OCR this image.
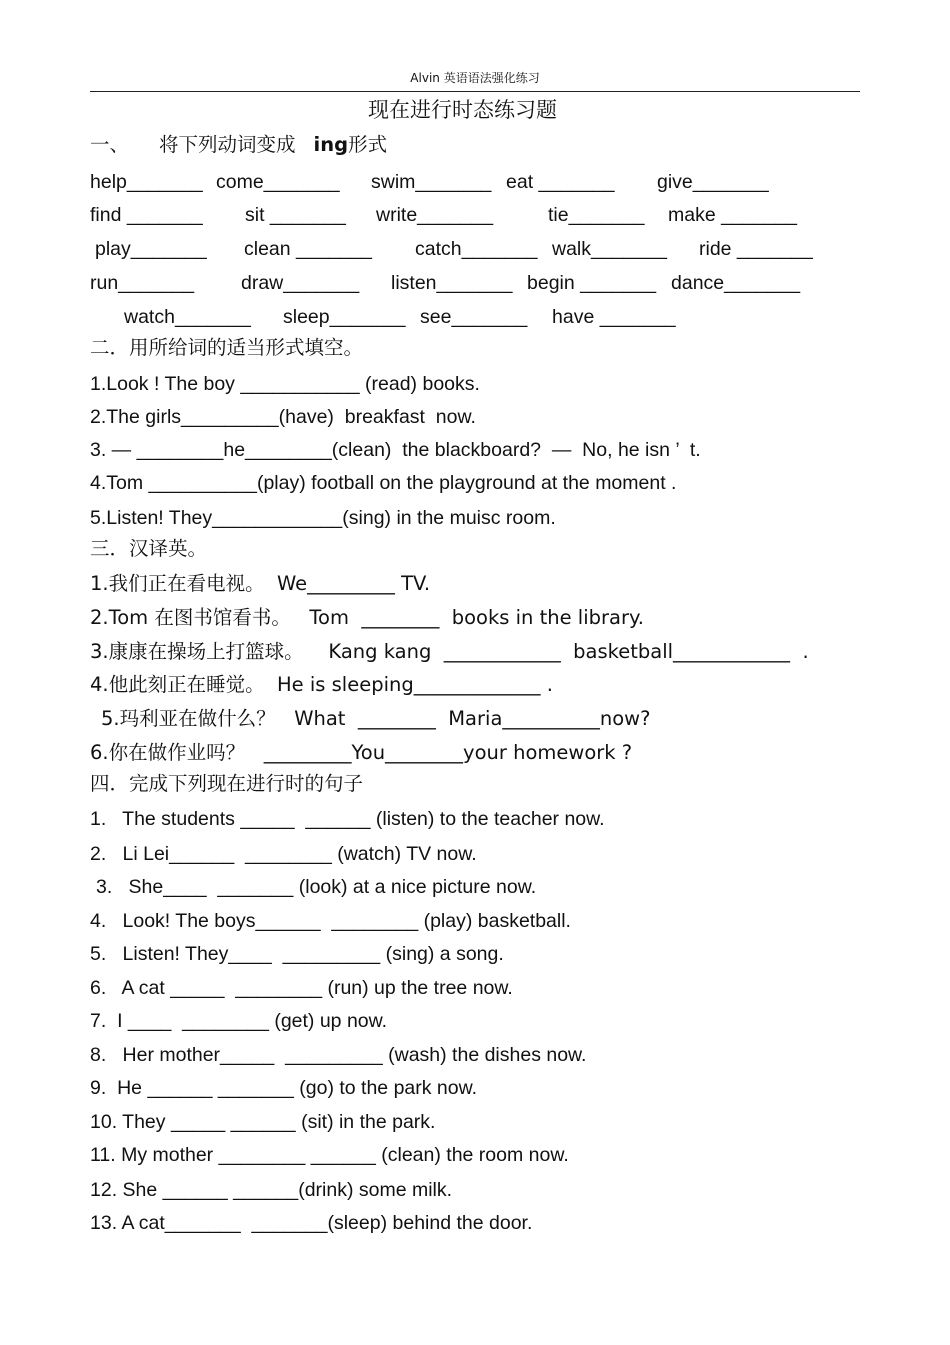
Alvin 英语语法强化练习
现在进行时态练习题
一、 将下列动词变成 ing形式
help_______ come_______ swim_______ eat _______ give_______
find _______ sit _______ write_______	tie_______ make _______
play_______ clean _______ catch_______ walk_______ ride _______
run_______ draw_______ listen_______ begin _______ dance_______
watch_______ sleep_______ see_______ have _______
二．用所给词的适当形式填空。
1.Look ! The boy ___________ (read) books.
2.The girls_________(have)  breakfast  now.
3. — ________he________(clean)  the blackboard?  —  No, he isn ’  t.
4.Tom __________(play) football on the playground at the moment .
5.Listen! They____________(sing) in the muisc room.
三．汉译英。
1.我们正在看电视。  We_________ TV.
2.Tom 在图书馆看书。   Tom  ________  books in the library.
3.康康在操场上打篮球。    Kang kang  ____________  basketball____________  .
4.他此刻正在睡觉。  He is sleeping_____________ .
5.玛利亚在做什么？   What  ________  Maria__________now?
6.你在做作业吗？   _________You________your homework ?
四．完成下列现在进行时的句子
1.   The students _____  ______ (listen) to the teacher now.
2.   Li Lei______  ________ (watch) TV now.
3.   She____  _______ (look) at a nice picture now.
4.   Look! The boys______  ________ (play) basketball.
5.   Listen! They____  _________ (sing) a song.
6.   A cat _____  ________ (run) up the tree now.
7.  I ____  ________ (get) up now.
8.   Her mother_____  _________ (wash) the dishes now.
9.  He ______ _______ (go) to the park now.
10. They _____ ______ (sit) in the park.
11. My mother ________ ______ (clean) the room now.
12. She ______ ______(drink) some milk.
13. A cat_______  _______(sleep) behind the door.
